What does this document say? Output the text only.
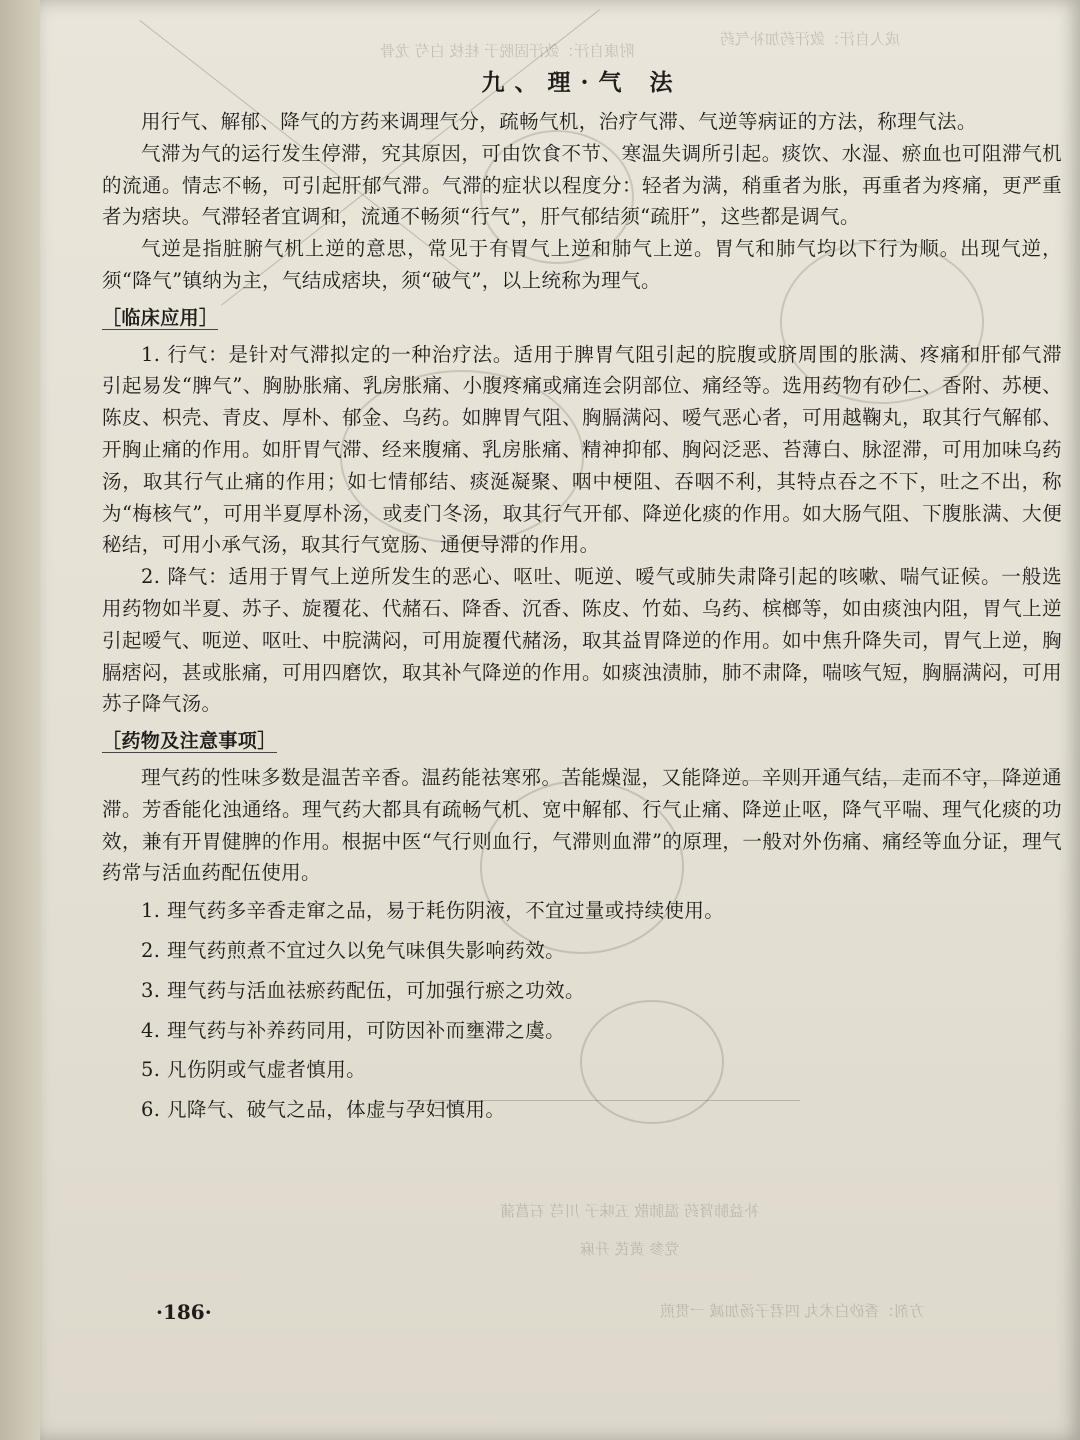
附康自汗：敛汗固脱于 桂枝 白芍 龙骨
成人自汗：敛汗药加补气药
补益肺肾药 温肺散 五味子 川芎 石菖蒲
党参 黄芪 升麻
方剂：香砂白术丸 四君子汤加减 一贯煎
九、理·气 法

用行气、解郁、降气的方药来调理气分，疏畅气机，治疗气滞、气逆等病证的方法，称理气法。

气滞为气的运行发生停滞，究其原因，可由饮食不节、寒温失调所引起。痰饮、水湿、瘀血也可阻滞气机的流通。情志不畅，可引起肝郁气滞。气滞的症状以程度分：轻者为满，稍重者为胀，再重者为疼痛，更严重者为痞块。气滞轻者宜调和，流通不畅须“行气”，肝气郁结须“疏肝”，这些都是调气。

气逆是指脏腑气机上逆的意思，常见于有胃气上逆和肺气上逆。胃气和肺气均以下行为顺。出现气逆，须“降气”镇纳为主，气结成痞块，须“破气”，以上统称为理气。

［临床应用］

1. 行气：是针对气滞拟定的一种治疗法。适用于脾胃气阻引起的脘腹或脐周围的胀满、疼痛和肝郁气滞引起易发“脾气”、胸胁胀痛、乳房胀痛、小腹疼痛或痛连会阴部位、痛经等。选用药物有砂仁、香附、苏梗、陈皮、枳壳、青皮、厚朴、郁金、乌药。如脾胃气阻、胸膈满闷、嗳气恶心者，可用越鞠丸，取其行气解郁、开胸止痛的作用。如肝胃气滞、经来腹痛、乳房胀痛、精神抑郁、胸闷泛恶、苔薄白、脉涩滞，可用加味乌药汤，取其行气止痛的作用；如七情郁结、痰涎凝聚、咽中梗阻、吞咽不利，其特点吞之不下，吐之不出，称为“梅核气”，可用半夏厚朴汤，或麦门冬汤，取其行气开郁、降逆化痰的作用。如大肠气阻、下腹胀满、大便秘结，可用小承气汤，取其行气宽肠、通便导滞的作用。

2. 降气：适用于胃气上逆所发生的恶心、呕吐、呃逆、嗳气或肺失肃降引起的咳嗽、喘气证候。一般选用药物如半夏、苏子、旋覆花、代赭石、降香、沉香、陈皮、竹茹、乌药、槟榔等，如由痰浊内阻，胃气上逆引起嗳气、呃逆、呕吐、中脘满闷，可用旋覆代赭汤，取其益胃降逆的作用。如中焦升降失司，胃气上逆，胸膈痞闷，甚或胀痛，可用四磨饮，取其补气降逆的作用。如痰浊渍肺，肺不肃降，喘咳气短，胸膈满闷，可用苏子降气汤。

［药物及注意事项］

理气药的性味多数是温苦辛香。温药能祛寒邪。苦能燥湿，又能降逆。辛则开通气结，走而不守，降逆通滞。芳香能化浊通络。理气药大都具有疏畅气机、宽中解郁、行气止痛、降逆止呕，降气平喘、理气化痰的功效，兼有开胃健脾的作用。根据中医“气行则血行，气滞则血滞”的原理，一般对外伤痛、痛经等血分证，理气药常与活血药配伍使用。

1. 理气药多辛香走窜之品，易于耗伤阴液，不宜过量或持续使用。
2. 理气药煎煮不宜过久以免气味俱失影响药效。
3. 理气药与活血祛瘀药配伍，可加强行瘀之功效。
4. 理气药与补养药同用，可防因补而壅滞之虞。
5. 凡伤阴或气虚者慎用。
6. 凡降气、破气之品，体虚与孕妇慎用。
·186·
